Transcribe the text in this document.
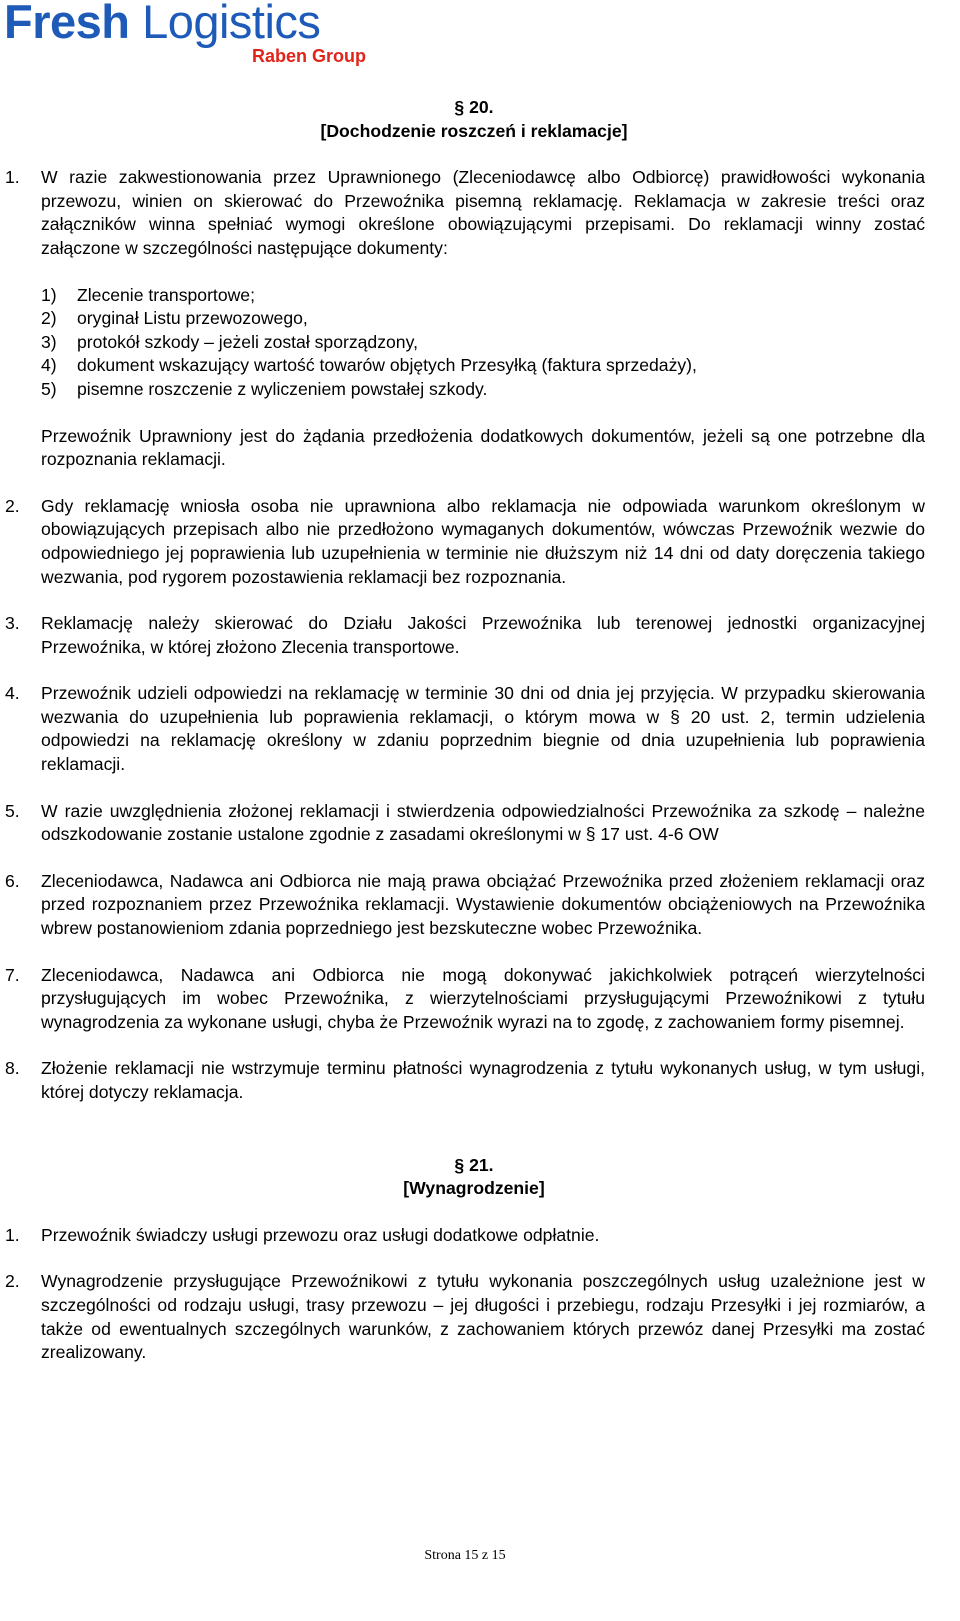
Fresh Logistics
Raben Group
§ 20.
[Dochodzenie roszczeń i reklamacje]
1.	W razie zakwestionowania przez Uprawnionego (Zleceniodawcę albo Odbiorcę) prawidłowości wykonania przewozu, winien on skierować do Przewoźnika pisemną reklamację. Reklamacja w zakresie treści oraz załączników winna spełniać wymogi określone obowiązującymi przepisami. Do reklamacji winny zostać załączone w szczególności następujące dokumenty:

1)	Zlecenie transportowe;
2)	oryginał Listu przewozowego,
3)	protokół szkody – jeżeli został sporządzony,
4)	dokument wskazujący wartość towarów objętych Przesyłką (faktura sprzedaży),
5)	pisemne roszczenie z wyliczeniem powstałej szkody.

Przewoźnik Uprawniony jest do żądania przedłożenia dodatkowych dokumentów, jeżeli są one potrzebne dla rozpoznania reklamacji.

2.	Gdy reklamację wniosła osoba nie uprawniona albo reklamacja nie odpowiada warunkom określonym w obowiązujących przepisach albo nie przedłożono wymaganych dokumentów, wówczas Przewoźnik wezwie do odpowiedniego jej poprawienia lub uzupełnienia w terminie nie dłuższym niż 14 dni od daty doręczenia takiego wezwania, pod rygorem pozostawienia reklamacji bez rozpoznania.

3.	Reklamację należy skierować do Działu Jakości Przewoźnika lub terenowej jednostki organizacyjnej Przewoźnika, w której złożono Zlecenia transportowe.

4.	Przewoźnik udzieli odpowiedzi na reklamację w terminie 30 dni od dnia jej przyjęcia. W przypadku skierowania wezwania do uzupełnienia lub poprawienia reklamacji, o którym mowa w § 20 ust. 2, termin udzielenia odpowiedzi na reklamację określony w zdaniu poprzednim biegnie od dnia uzupełnienia lub poprawienia reklamacji.

5.	W razie uwzględnienia złożonej reklamacji i stwierdzenia odpowiedzialności Przewoźnika za szkodę – należne odszkodowanie zostanie ustalone zgodnie z zasadami określonymi w § 17 ust. 4-6 OW

6.	Zleceniodawca, Nadawca ani Odbiorca nie mają prawa obciążać Przewoźnika przed złożeniem reklamacji oraz przed rozpoznaniem przez Przewoźnika reklamacji. Wystawienie dokumentów obciążeniowych na Przewoźnika wbrew postanowieniom zdania poprzedniego jest bezskuteczne wobec Przewoźnika.

7.	Zleceniodawca, Nadawca ani Odbiorca nie mogą dokonywać jakichkolwiek potrąceń wierzytelności przysługujących im wobec Przewoźnika, z wierzytelnościami przysługującymi Przewoźnikowi z tytułu wynagrodzenia za wykonane usługi, chyba że Przewoźnik wyrazi na to zgodę, z zachowaniem formy pisemnej.

8.	Złożenie reklamacji nie wstrzymuje terminu płatności wynagrodzenia z tytułu wykonanych usług, w tym usługi, której dotyczy reklamacja.

§ 21.
[Wynagrodzenie]
1.	Przewoźnik świadczy usługi przewozu oraz usługi dodatkowe odpłatnie.

2.	Wynagrodzenie przysługujące Przewoźnikowi z tytułu wykonania poszczególnych usług uzależnione jest w szczególności od rodzaju usługi, trasy przewozu – jej długości i przebiegu, rodzaju Przesyłki i jej rozmiarów, a także od ewentualnych szczególnych warunków, z zachowaniem których przewóz danej Przesyłki ma zostać zrealizowany.

Strona 15 z 15
